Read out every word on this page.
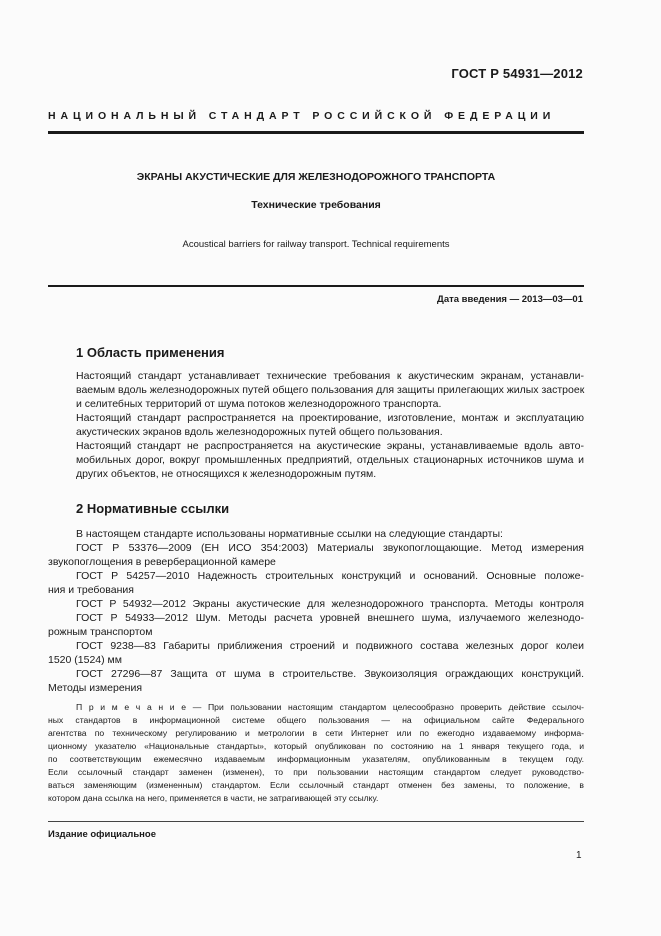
ГОСТ Р 54931—2012
НАЦИОНАЛЬНЫЙ СТАНДАРТ РОССИЙСКОЙ ФЕДЕРАЦИИ
ЭКРАНЫ АКУСТИЧЕСКИЕ ДЛЯ ЖЕЛЕЗНОДОРОЖНОГО ТРАНСПОРТА
Технические требования
Acoustical barriers for railway transport. Technical requirements
Дата введения — 2013—03—01
1 Область применения
Настоящий стандарт устанавливает технические требования к акустическим экранам, устанавли-
ваемым вдоль железнодорожных путей общего пользования для защиты прилегающих жилых застроек
и селитебных территорий от шума потоков железнодорожного транспорта.
Настоящий стандарт распространяется на проектирование, изготовление, монтаж и эксплуатацию
акустических экранов вдоль железнодорожных путей общего пользования.
Настоящий стандарт не распространяется на акустические экраны, устанавливаемые вдоль авто-
мобильных дорог, вокруг промышленных предприятий, отдельных стационарных источников шума и
других объектов, не относящихся к железнодорожным путям.
2 Нормативные ссылки
В настоящем стандарте использованы нормативные ссылки на следующие стандарты:
ГОСТ Р 53376—2009 (ЕН ИСО 354:2003) Материалы звукопоглощающие. Метод измерения
звукопоглощения в реверберационной камере
ГОСТ Р 54257—2010 Надежность строительных конструкций и оснований. Основные положе-
ния и требования
ГОСТ Р 54932—2012 Экраны акустические для железнодорожного транспорта. Методы контроля
ГОСТ Р 54933—2012 Шум. Методы расчета уровней внешнего шума, излучаемого железнодо-
рожным транспортом
ГОСТ 9238—83 Габариты приближения строений и подвижного состава железных дорог колеи
1520 (1524) мм
ГОСТ 27296—87 Защита от шума в строительстве. Звукоизоляция ограждающих конструкций.
Методы измерения
П р и м е ч а н и е — При пользовании настоящим стандартом целесообразно проверить действие ссылоч-
ных стандартов в информационной системе общего пользования — на официальном сайте Федерального
агентства по техническому регулированию и метрологии в сети Интернет или по ежегодно издаваемому информа-
ционному указателю «Национальные стандарты», который опубликован по состоянию на 1 января текущего года, и
по соответствующим ежемесячно издаваемым информационным указателям, опубликованным в текущем году.
Если ссылочный стандарт заменен (изменен), то при пользовании настоящим стандартом следует руководство-
ваться заменяющим (измененным) стандартом. Если ссылочный стандарт отменен без замены, то положение, в
котором дана ссылка на него, применяется в части, не затрагивающей эту ссылку.
Издание официальное
1
